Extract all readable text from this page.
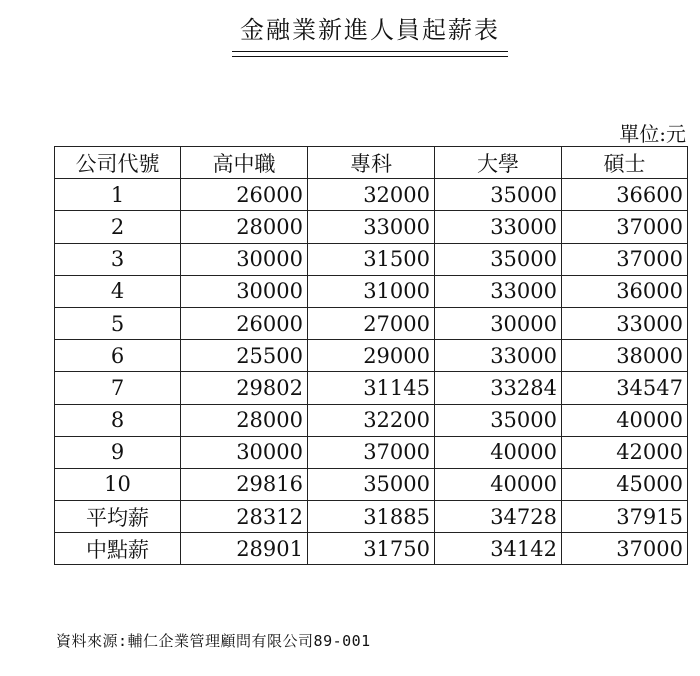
金融業新進人員起薪表
單位:元
公司代號	高中職	專科	大學	碩士
1	26000	32000	35000	36600
2	28000	33000	33000	37000
3	30000	31500	35000	37000
4	30000	31000	33000	36000
5	26000	27000	30000	33000
6	25500	29000	33000	38000
7	29802	31145	33284	34547
8	28000	32200	35000	40000
9	30000	37000	40000	42000
10	29816	35000	40000	45000
平均薪	28312	31885	34728	37915
中點薪	28901	31750	34142	37000
資料來源:輔仁企業管理顧問有限公司89-001
